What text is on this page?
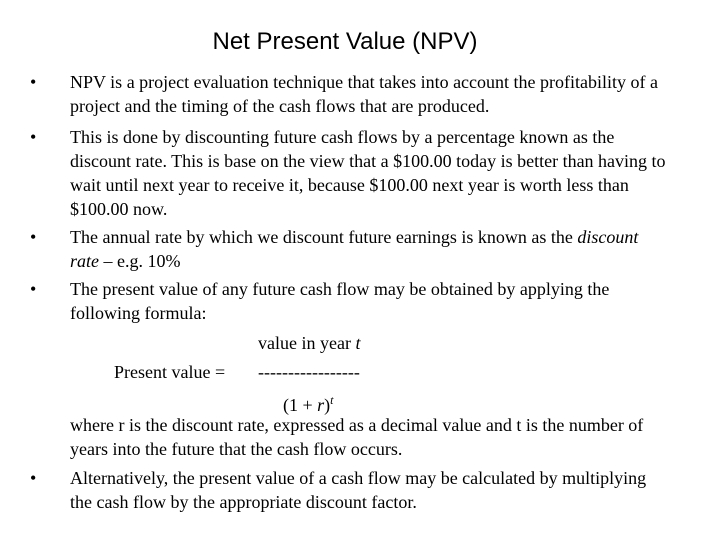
Net Present Value (NPV)
•	NPV is a project evaluation technique that takes into account the profitability of a project and the timing of the cash flows that are produced.
•	This is done by discounting future cash flows by a percentage known as the discount rate. This is base on the view that a $100.00 today is better than having to wait until next year to receive it, because $100.00 next year is worth less than $100.00 now.
•	The annual rate by which we discount future earnings is known as the discount rate – e.g. 10%
•	The present value of any future cash flow may be obtained by applying the following formula:
value in year t
Present value = -----------------
$(1 + r)^t$
where r is the discount rate, expressed as a decimal value and t is the number of years into the future that the cash flow occurs.
•	Alternatively, the present value of a cash flow may be calculated by multiplying the cash flow by the appropriate discount factor.
